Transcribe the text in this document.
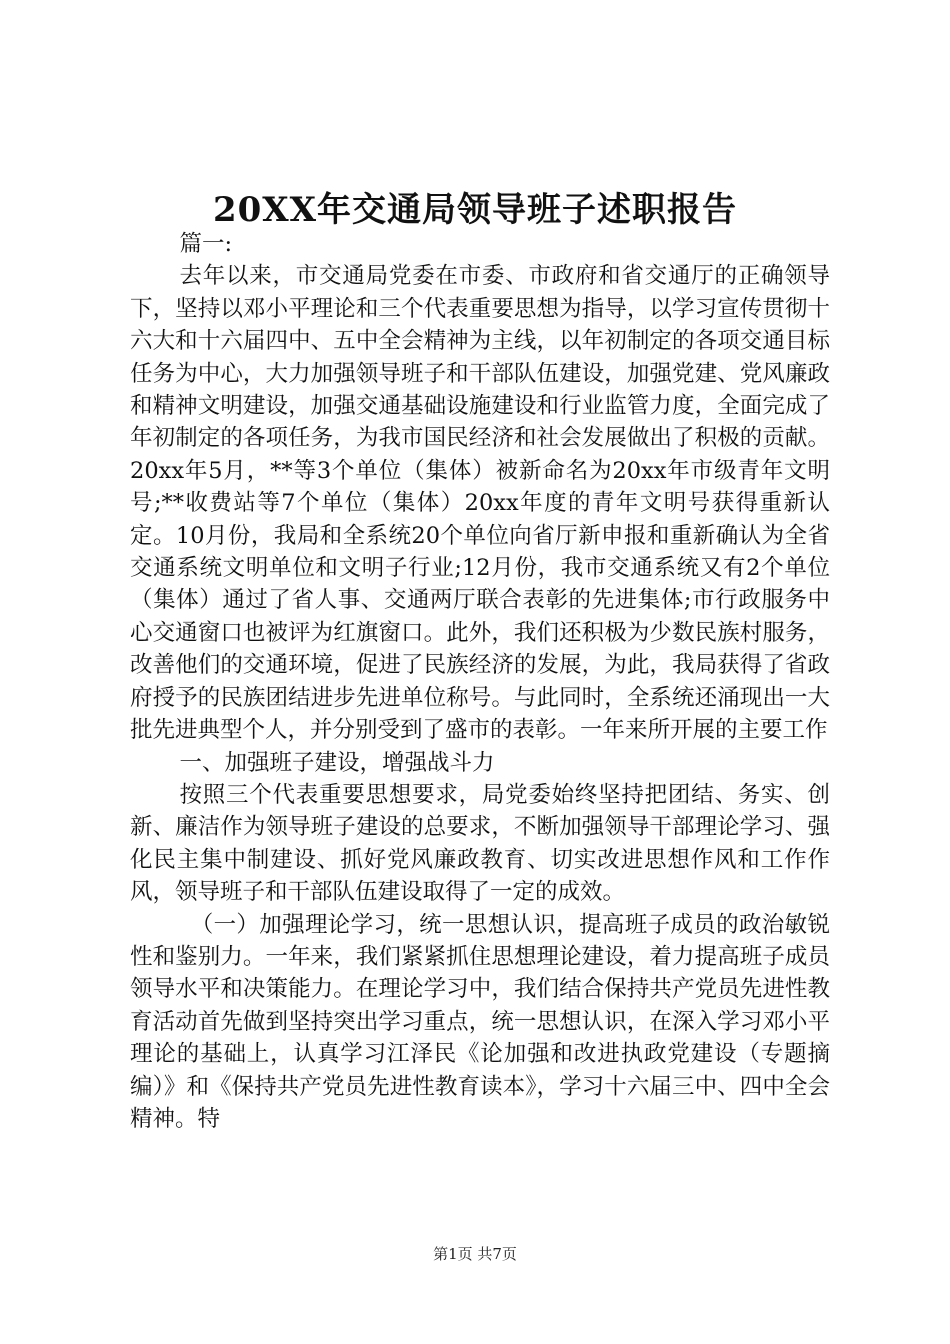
20XX年交通局领导班子述职报告

篇一:

去年以来，市交通局党委在市委、市政府和省交通厅的正确领导下，坚持以邓小平理论和三个代表重要思想为指导，以学习宣传贯彻十六大和十六届四中、五中全会精神为主线，以年初制定的各项交通目标任务为中心，大力加强领导班子和干部队伍建设，加强党建、党风廉政和精神文明建设，加强交通基础设施建设和行业监管力度，全面完成了年初制定的各项任务，为我市国民经济和社会发展做出了积极的贡献。20xx年5月，**等3个单位（集体）被新命名为20xx年市级青年文明号;**收费站等7个单位（集体）20xx年度的青年文明号获得重新认定。10月份，我局和全系统20个单位向省厅新申报和重新确认为全省交通系统文明单位和文明子行业;12月份，我市交通系统又有2个单位（集体）通过了省人事、交通两厅联合表彰的先进集体;市行政服务中心交通窗口也被评为红旗窗口。此外，我们还积极为少数民族村服务，改善他们的交通环境，促进了民族经济的发展，为此，我局获得了省政府授予的民族团结进步先进单位称号。与此同时，全系统还涌现出一大批先进典型个人，并分别受到了盛市的表彰。一年来所开展的主要工作

一、加强班子建设，增强战斗力

按照三个代表重要思想要求，局党委始终坚持把团结、务实、创新、廉洁作为领导班子建设的总要求，不断加强领导干部理论学习、强化民主集中制建设、抓好党风廉政教育、切实改进思想作风和工作作风，领导班子和干部队伍建设取得了一定的成效。

（一）加强理论学习，统一思想认识，提高班子成员的政治敏锐性和鉴别力。一年来，我们紧紧抓住思想理论建设，着力提高班子成员领导水平和决策能力。在理论学习中，我们结合保持共产党员先进性教育活动首先做到坚持突出学习重点，统一思想认识，在深入学习邓小平理论的基础上，认真学习江泽民《论加强和改进执政党建设（专题摘编）》和《保持共产党员先进性教育读本》，学习十六届三中、四中全会精神。特

第1页 共7页
